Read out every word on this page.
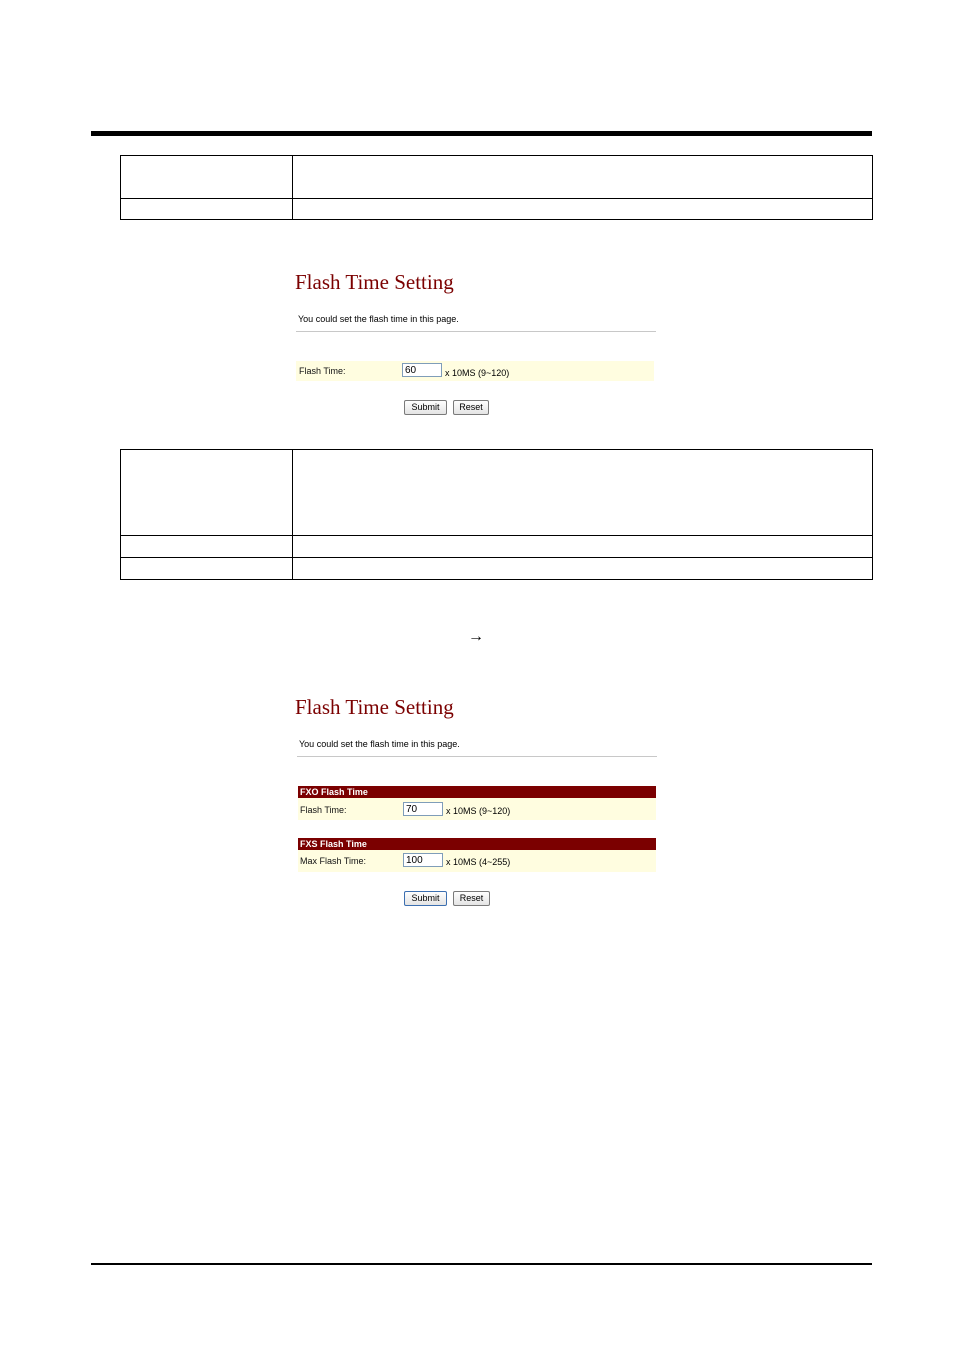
Flash Time Setting
You could set the flash time in this page.
Flash Time:	60	x 10MS (9~120)
Submit	Reset

→
Flash Time Setting
You could set the flash time in this page.
FXO Flash Time
Flash Time:	70	x 10MS (9~120)
FXS Flash Time
Max Flash Time:	100	x 10MS (4~255)
Submit	Reset
